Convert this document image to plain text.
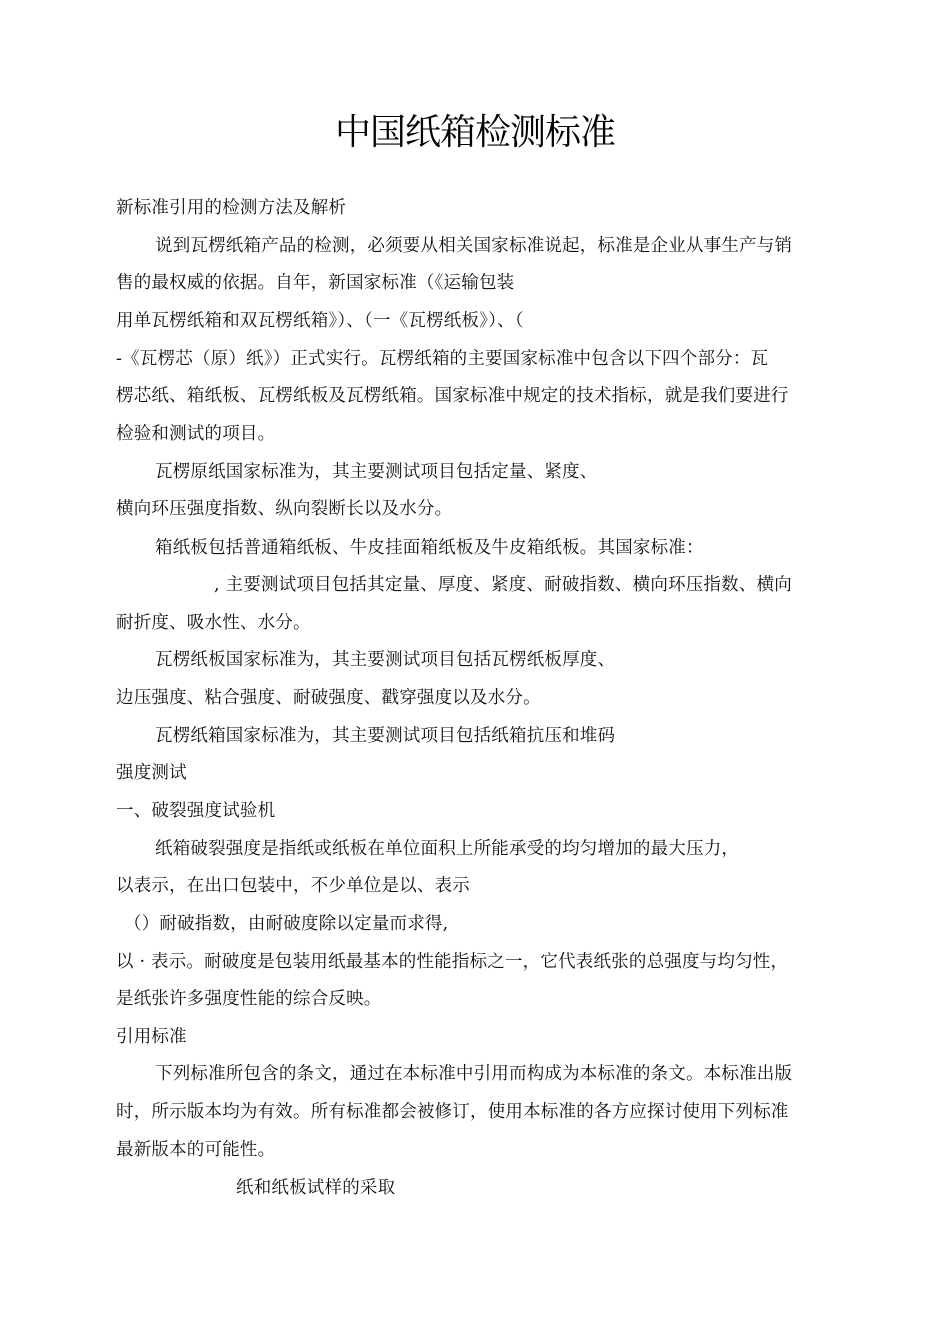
中国纸箱检测标准
新标准引用的检测方法及解析
说到瓦楞纸箱产品的检测，必须要从相关国家标准说起，标准是企业从事生产与销
售的最权威的依据。自年，新国家标准（《运输包装
用单瓦楞纸箱和双瓦楞纸箱》）、（一《瓦楞纸板》）、（
-《瓦楞芯（原）纸》）正式实行。瓦楞纸箱的主要国家标准中包含以下四个部分：瓦
楞芯纸、箱纸板、瓦楞纸板及瓦楞纸箱。国家标准中规定的技术指标，就是我们要进行
检验和测试的项目。
瓦楞原纸国家标准为，其主要测试项目包括定量、紧度、
横向环压强度指数、纵向裂断长以及水分。
箱纸板包括普通箱纸板、牛皮挂面箱纸板及牛皮箱纸板。其国家标准：
, 主要测试项目包括其定量、厚度、紧度、耐破指数、横向环压指数、横向
耐折度、吸水性、水分。
瓦楞纸板国家标准为，其主要测试项目包括瓦楞纸板厚度、
边压强度、粘合强度、耐破强度、戳穿强度以及水分。
瓦楞纸箱国家标准为，其主要测试项目包括纸箱抗压和堆码
强度测试
一、破裂强度试验机
纸箱破裂强度是指纸或纸板在单位面积上所能承受的均匀增加的最大压力，
以表示，在出口包装中，不少单位是以、表示
（）耐破指数，由耐破度除以定量而求得,
以 · 表示。耐破度是包装用纸最基本的性能指标之一，它代表纸张的总强度与均匀性，
是纸张许多强度性能的综合反映。
引用标准
下列标准所包含的条文，通过在本标准中引用而构成为本标准的条文。本标准出版
时，所示版本均为有效。所有标准都会被修订，使用本标准的各方应探讨使用下列标准
最新版本的可能性。
纸和纸板试样的采取
